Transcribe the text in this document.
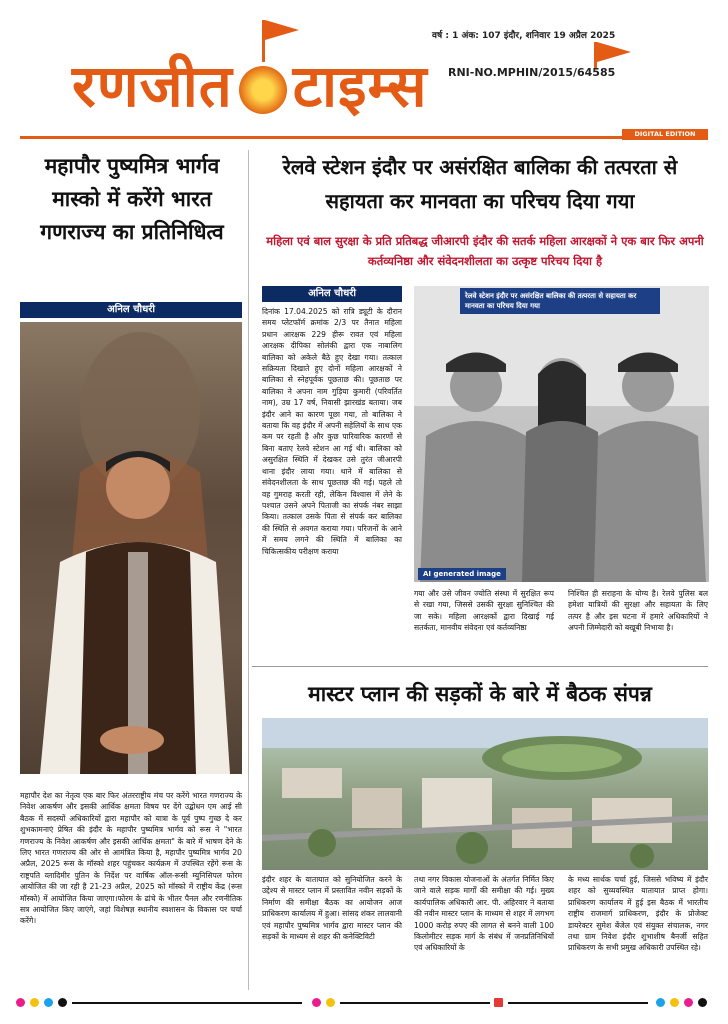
रणजीत टाइम्स
वर्ष : 1 अंक: 107 इंदौर, शनिवार 19 अप्रैल 2025
RNI-NO.MPHIN/2015/64585
DIGITAL EDITION
महापौर पुष्यमित्र भार्गव मास्को में करेंगे भारत गणराज्य का प्रतिनिधित्व
अनिल चौधरी
महापौर देश का नेतृत्व एक बार फिर अंतरराष्ट्रीय मंच पर करेंगे भारत गणराज्य के निवेश आकर्षण और इसकी आर्थिक क्षमता विषय पर देंगे उद्बोधन एम आई सी बैठक में सदस्यों अधिकारियों द्वारा महापौर को यात्रा के पूर्व पुष्प गुच्छ दे कर शुभकामनाएं प्रेषित की इंदौर के महापौर पुष्यमित्र भार्गव को रूस ने "भारत गणराज्य के निवेश आकर्षण और इसकी आर्थिक क्षमता" के बारे में भाषण देने के लिए भारत गणराज्य की ओर से आमंत्रित किया है, महापौर पुष्यमित्र भार्गव 20 अप्रैल, 2025 रूस के मॉस्को शहर पहुंचकर कार्यक्रम में उपस्थित रहेंगे रूस के राष्ट्रपति व्लादिमीर पुतिन के निर्देश पर वार्षिक ऑल-रूसी म्युनिसिपल फोरम आयोजित की जा रही है 21-23 अप्रैल, 2025 को मॉस्को में राष्ट्रीय केंद्र (रूस मॉस्को) में आयोजित किया जाएगा।फोरम के ढांचे के भीतर पैनल और रणनीतिक सत्र आयोजित किए जाएंगे, जहां विशेषज्ञ स्थानीय स्वशासन के विकास पर चर्चा करेंगे।
रेलवे स्टेशन इंदौर पर असंरक्षित बालिका की तत्परता से सहायता कर मानवता का परिचय दिया गया
महिला एवं बाल सुरक्षा के प्रति प्रतिबद्ध जीआरपी इंदौर की सतर्क महिला आरक्षकों ने एक बार फिर अपनी कर्तव्यनिष्ठा और संवेदनशीलता का उत्कृष्ट परिचय दिया है
अनिल चौधरी
दिनांक 17.04.2025 को रात्रि ड्यूटी के दौरान समय प्लेटफॉर्म क्रमांक 2/3 पर तैनात महिला प्रधान आरक्षक 229 हीरू रावत एवं महिला आरक्षक दीपिका सोलंकी द्वारा एक नाबालिग बालिका को अकेले बैठे हुए देखा गया। तत्काल सक्रियता दिखाते हुए दोनों महिला आरक्षकों ने बालिका से स्नेहपूर्वक पूछताछ की। पूछताछ पर बालिका ने अपना नाम गुड़िया कुमारी (परिवर्तित नाम), उम्र 17 वर्ष, निवासी झारखंड बताया। जब इंदौर आने का कारण पूछा गया, तो बालिका ने बताया कि वह इंदौर में अपनी सहेलियों के साथ एक कम पर रहती है और कुछ पारिवारिक कारणों से बिना बताए रेलवे स्टेशन आ गई थी। बालिका को असुरक्षित स्थिति में देखकर उसे तुरंत जीआरपी थाना इंदौर लाया गया। थाने में बालिका से संवेदनशीलता के साथ पूछताछ की गई। पहले तो वह गुमराह करती रही, लेकिन विश्वास में लेने के पश्चात उसने अपने पिताजी का संपर्क नंबर साझा किया। तत्काल उसके पिता से संपर्क कर बालिका की स्थिति से अवगत कराया गया। परिजनों के आने में समय लगने की स्थिति में बालिका का चिकित्सकीय परीक्षण कराया
रेलवे स्टेशन इंदौर पर असंरक्षित बालिका की तत्परता से सहायता कर मानवता का परिचय दिया गया
AI generated image
गया और उसे जीवन ज्योति संस्था में सुरक्षित रूप से रखा गया, जिससे उसकी सुरक्षा सुनिश्चित की जा सके। महिला आरक्षकों द्वारा दिखाई गई सतर्कता, मानवीय संवेदना एवं कर्तव्यनिष्ठा
निश्चित ही सराहना के योग्य है। रेलवे पुलिस बल हमेशा यात्रियों की सुरक्षा और सहायता के लिए तत्पर है और इस घटना में हमारे अधिकारियों ने अपनी जिम्मेदारी को बखूबी निभाया है।
मास्टर प्लान की सड़कों के बारे में बैठक संपन्न
इंदौर शहर के यातायात को सुनियोजित करने के उद्देश्य से मास्टर प्लान में प्रस्तावित नवीन सड़कों के निर्माण की समीक्षा बैठक का आयोजन आज प्राधिकरण कार्यालय में हुआ। सांसद शंकर लालवानी एवं महापौर पुष्यमित्र भार्गव द्वारा मास्टर प्लान की सड़कों के माध्यम से शहर की कनेक्टिविटी
तथा नगर विकास योजनाओं के अंतर्गत निर्मित किए जाने वाले सड़क मार्गों की समीक्षा की गई। मुख्य कार्यपालिक अधिकारी आर. पी. अहिरवार ने बताया की नवीन मास्टर प्लान के माध्यम से शहर में लगभग 1000 करोड़ रुपए की लागत से बनने वाली 100 किलोमीटर सड़क मार्ग के संबंध में जनप्रतिनिधियों एवं अधिकारियों के
के मध्य सार्थक चर्चा हुई, जिससे भविष्य में इंदौर शहर को सुव्यवस्थित यातायात प्राप्त होगा। प्राधिकरण कार्यालय में हुई इस बैठक में भारतीय राष्ट्रीय राजमार्ग प्राधिकरण, इंदौर के प्रोजेक्ट डायरेक्टर सुमेश बेंजेल एवं संयुक्त संचालक, नगर तथा ग्राम निवेश इंदौर शुभाशीष बैनर्जी सहित प्राधिकरण के सभी प्रमुख अधिकारी उपस्थित रहे।
